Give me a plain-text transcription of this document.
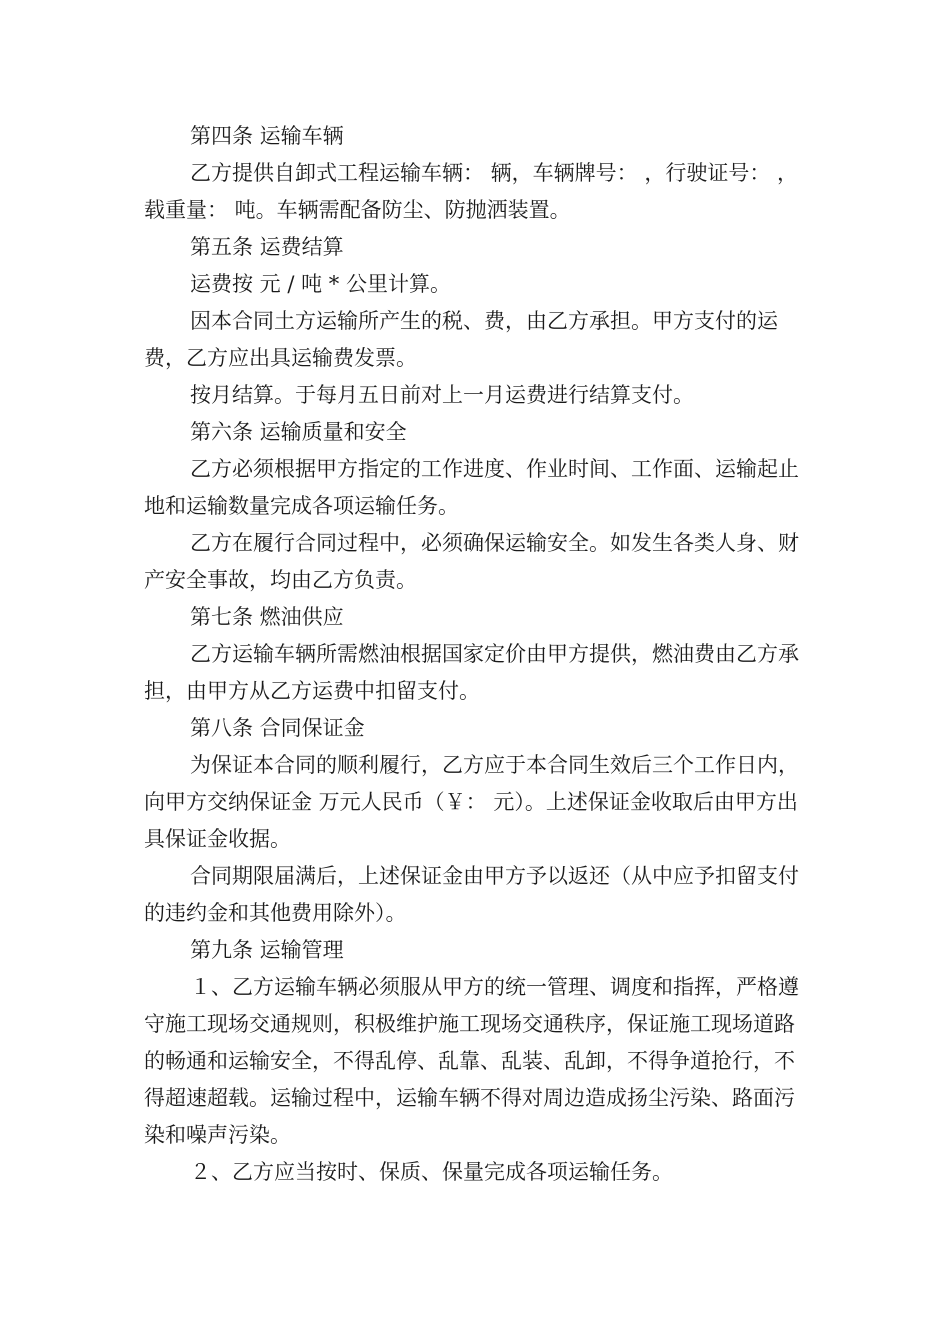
第四条 运输车辆

乙方提供自卸式工程运输车辆： 辆，车辆牌号： ，行驶证号： ，载重量： 吨。车辆需配备防尘、防抛洒装置。

第五条 运费结算

运费按 元 / 吨 * 公里计算。

因本合同土方运输所产生的税、费，由乙方承担。甲方支付的运费，乙方应出具运输费发票。

按月结算。于每月五日前对上一月运费进行结算支付。

第六条 运输质量和安全

乙方必须根据甲方指定的工作进度、作业时间、工作面、运输起止地和运输数量完成各项运输任务。

乙方在履行合同过程中，必须确保运输安全。如发生各类人身、财产安全事故，均由乙方负责。

第七条 燃油供应

乙方运输车辆所需燃油根据国家定价由甲方提供，燃油费由乙方承担，由甲方从乙方运费中扣留支付。

第八条 合同保证金

为保证本合同的顺利履行，乙方应于本合同生效后三个工作日内，向甲方交纳保证金 万元人民币（￥： 元）。上述保证金收取后由甲方出具保证金收据。

合同期限届满后，上述保证金由甲方予以返还（从中应予扣留支付的违约金和其他费用除外）。

第九条 运输管理

１、乙方运输车辆必须服从甲方的统一管理、调度和指挥，严格遵守施工现场交通规则，积极维护施工现场交通秩序，保证施工现场道路的畅通和运输安全，不得乱停、乱靠、乱装、乱卸，不得争道抢行，不得超速超载。运输过程中，运输车辆不得对周边造成扬尘污染、路面污染和噪声污染。

２、乙方应当按时、保质、保量完成各项运输任务。
